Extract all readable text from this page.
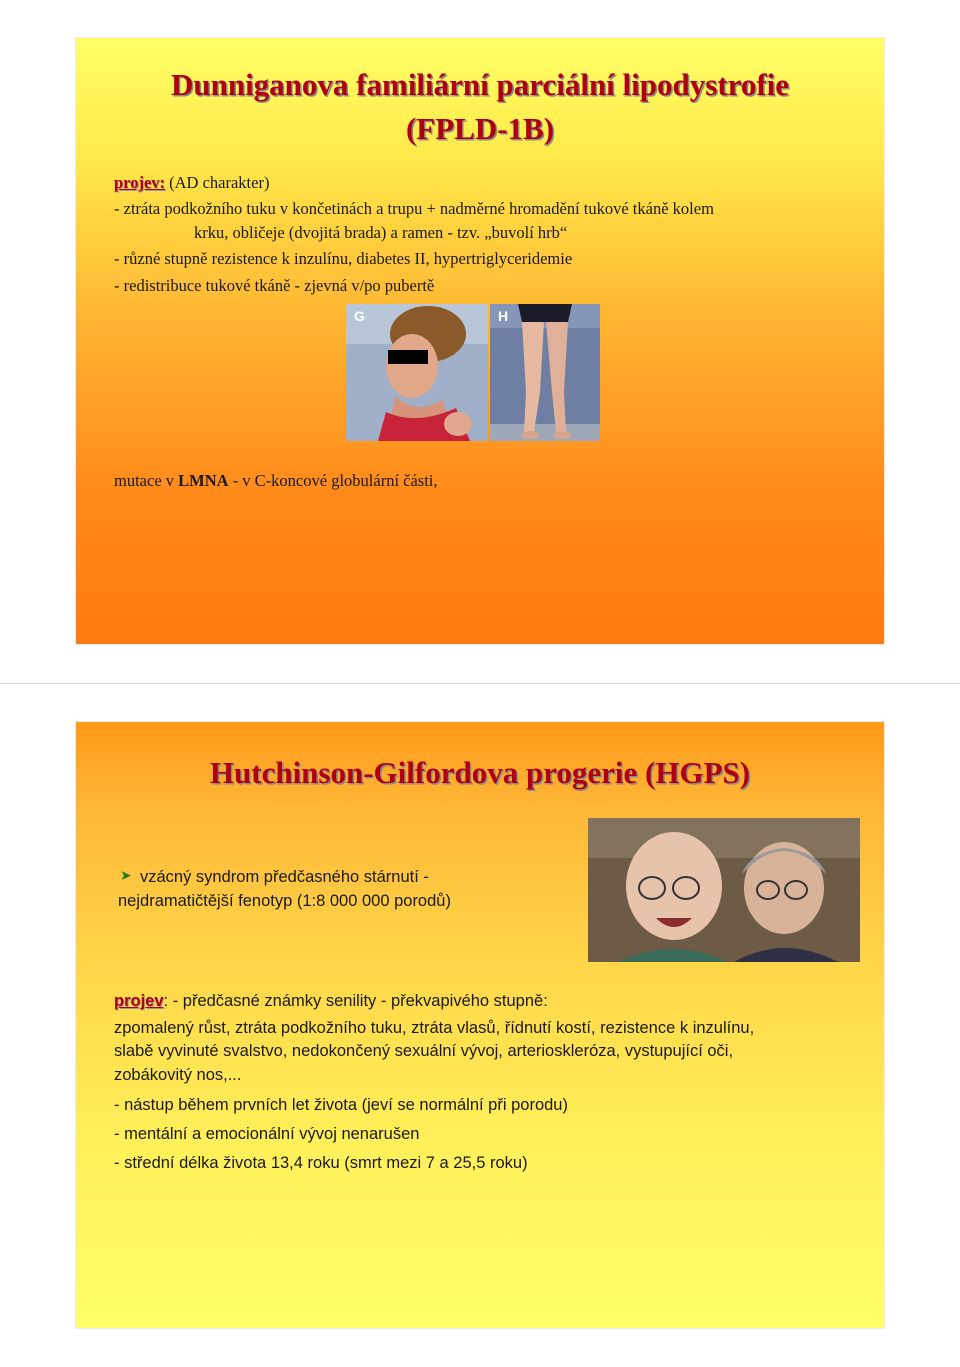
Dunniganova familiární parciální lipodystrofie
(FPLD-1B)
projev: (AD charakter)
- ztráta podkožního tuku v končetinách a trupu + nadměrné hromadění tukové tkáně kolem
krku, obličeje (dvojitá brada) a ramen - tzv. „buvolí hrb“
- různé stupně rezistence k inzulínu, diabetes II, hypertriglyceridemie
- redistribuce tukové tkáně - zjevná v/po pubertě
G	H
mutace v LMNA - v C-koncové globulární části,
Hutchinson-Gilfordova progerie (HGPS)
➤ vzácný syndrom předčasného stárnutí -
nejdramatičtější fenotyp (1:8 000 000 porodů)
projev: - předčasné známky senility - překvapivého stupně:
zpomalený růst, ztráta podkožního tuku, ztráta vlasů, řídnutí kostí, rezistence k inzulínu,
slabě vyvinuté svalstvo, nedokončený sexuální vývoj, arterioskleróza, vystupující oči,
zobákovitý nos,...
- nástup během prvních let života (jeví se normální při porodu)
- mentální a emocionální vývoj nenarušen
- střední délka života 13,4 roku (smrt mezi 7 a 25,5 roku)
